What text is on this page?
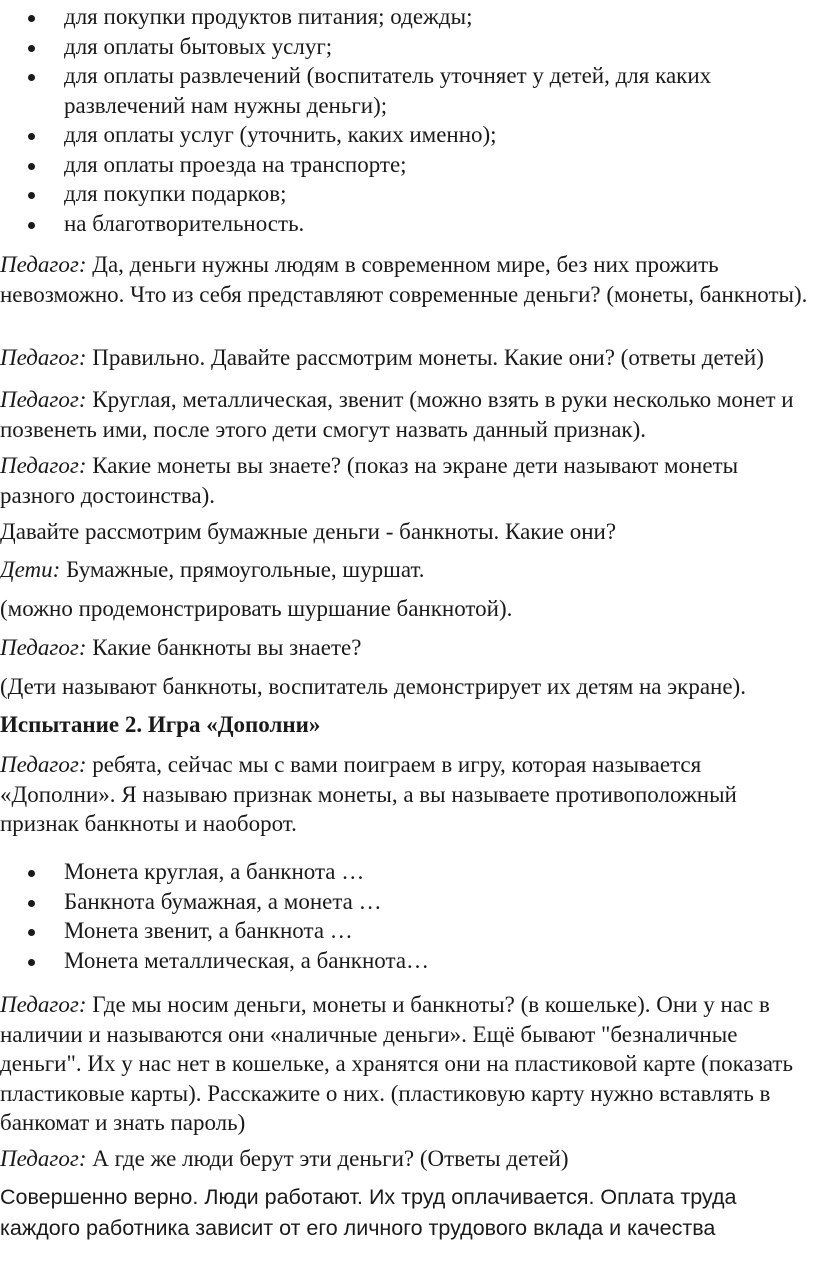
для покупки продуктов питания; одежды;
для оплаты бытовых услуг;
для оплаты развлечений (воспитатель уточняет у детей, для каких развлечений нам нужны деньги);
для оплаты услуг (уточнить, каких именно);
для оплаты проезда на транспорте;
для покупки подарков;
на благотворительность.

Педагог: Да, деньги нужны людям в современном мире, без них прожить невозможно. Что из себя представляют современные деньги? (монеты, банкноты).

Педагог: Правильно. Давайте рассмотрим монеты. Какие они? (ответы детей)

Педагог: Круглая, металлическая, звенит (можно взять в руки несколько монет и позвенеть ими, после этого дети смогут назвать данный признак).

Педагог: Какие монеты вы знаете? (показ на экране дети называют монеты разного достоинства).

Давайте рассмотрим бумажные деньги - банкноты. Какие они?

Дети: Бумажные, прямоугольные, шуршат.

(можно продемонстрировать шуршание банкнотой).

Педагог: Какие банкноты вы знаете?

(Дети называют банкноты, воспитатель демонстрирует их детям на экране).

Испытание 2. Игра «Дополни»

Педагог: ребята, сейчас мы с вами поиграем в игру, которая называется «Дополни». Я называю признак монеты, а вы называете противоположный признак банкноты и наоборот.

Монета круглая, а банкнота …
Банкнота бумажная, а монета …
Монета звенит, а банкнота …
Монета металлическая, а банкнота…

Педагог: Где мы носим деньги, монеты и банкноты? (в кошельке). Они у нас в наличии и называются они «наличные деньги». Ещё бывают "безналичные деньги". Их у нас нет в кошельке, а хранятся они на пластиковой карте (показать пластиковые карты). Расскажите о них. (пластиковую карту нужно вставлять в банкомат и знать пароль)

Педагог: А где же люди берут эти деньги? (Ответы детей)

Совершенно верно. Люди работают. Их труд оплачивается. Оплата труда каждого работника зависит от его личного трудового вклада и качества
